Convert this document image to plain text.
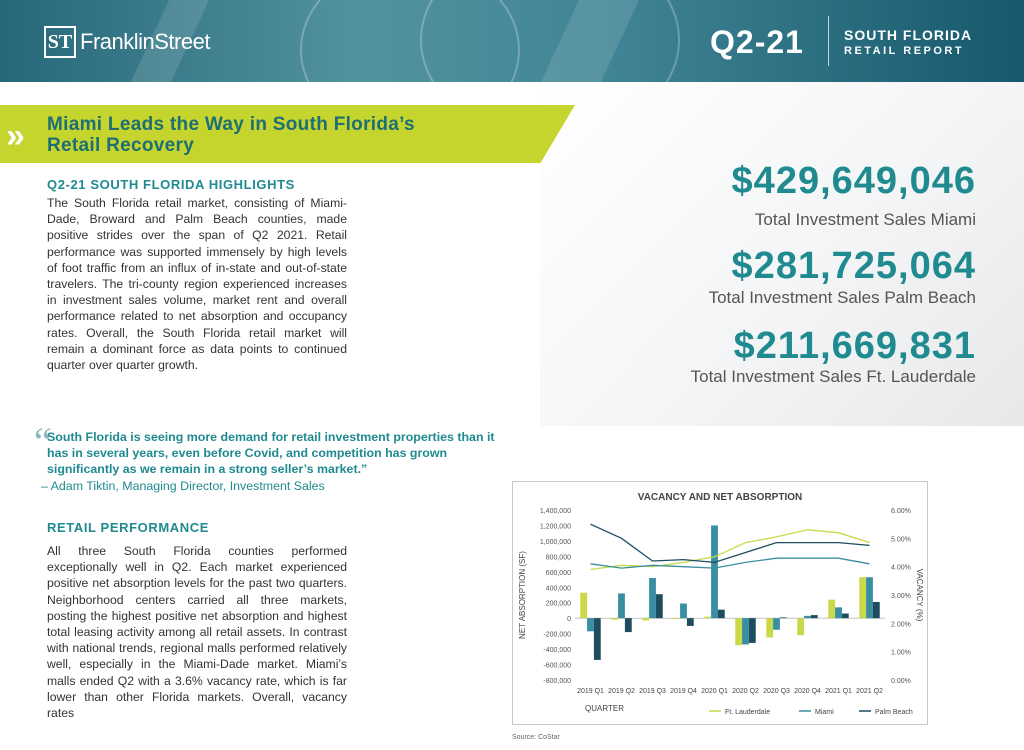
ST FranklinStreet	Q2-21	SOUTH FLORIDA
RETAIL REPORT
$429,649,046
Total Investment Sales Miami
$281,725,064
Total Investment Sales Palm Beach
$211,669,831
Total Investment Sales Ft. Lauderdale
» Miami Leads the Way in South Florida’s
Retail Recovery
Q2-21 SOUTH FLORIDA HIGHLIGHTS
The South Florida retail market, consisting of Miami-Dade, Broward and Palm Beach counties, made positive strides over the span of Q2 2021. Retail performance was supported immensely by high levels of foot traffic from an influx of in-state and out-of-state travelers. The tri-county region experienced increases in investment sales volume, market rent and overall performance related to net absorption and occupancy rates. Overall, the South Florida retail market will remain a dominant force as data points to continued quarter over quarter growth.
“
South Florida is seeing more demand for retail investment properties than it has in several years, even before Covid, and competition has grown significantly as we remain in a strong seller’s market.”
– Adam Tiktin, Managing Director, Investment Sales
RETAIL PERFORMANCE
All three South Florida counties performed exceptionally well in Q2. Each market experienced positive net absorption levels for the past two quarters. Neighborhood centers carried all three markets, posting the highest positive net absorption and highest total leasing activity among all retail assets. In contrast with national trends, regional malls performed relatively well, especially in the Miami-Dade market. Miami’s malls ended Q2 with a 3.6% vacancy rate, which is far lower than other Florida markets. Overall, vacancy rates
VACANCY AND NET ABSORPTION
1,400,000
1,200,000
1,000,000
800,000
600,000
400,000
200,000
0
-200,000
-400,000
-600,000
-800,000
6.00%
5.00%
4.00%
3.00%
2.00%
1.00%
0.00%
2019 Q1 2019 Q2 2019 Q3 2019 Q4 2020 Q1 2020 Q2 2020 Q3 2020 Q4 2021 Q1 2021 Q2
NET ABSORPTION (SF)	VACANCY (%)
QUARTER	Ft. Lauderdale	Miami	Palm Beach
Source: CoStar
